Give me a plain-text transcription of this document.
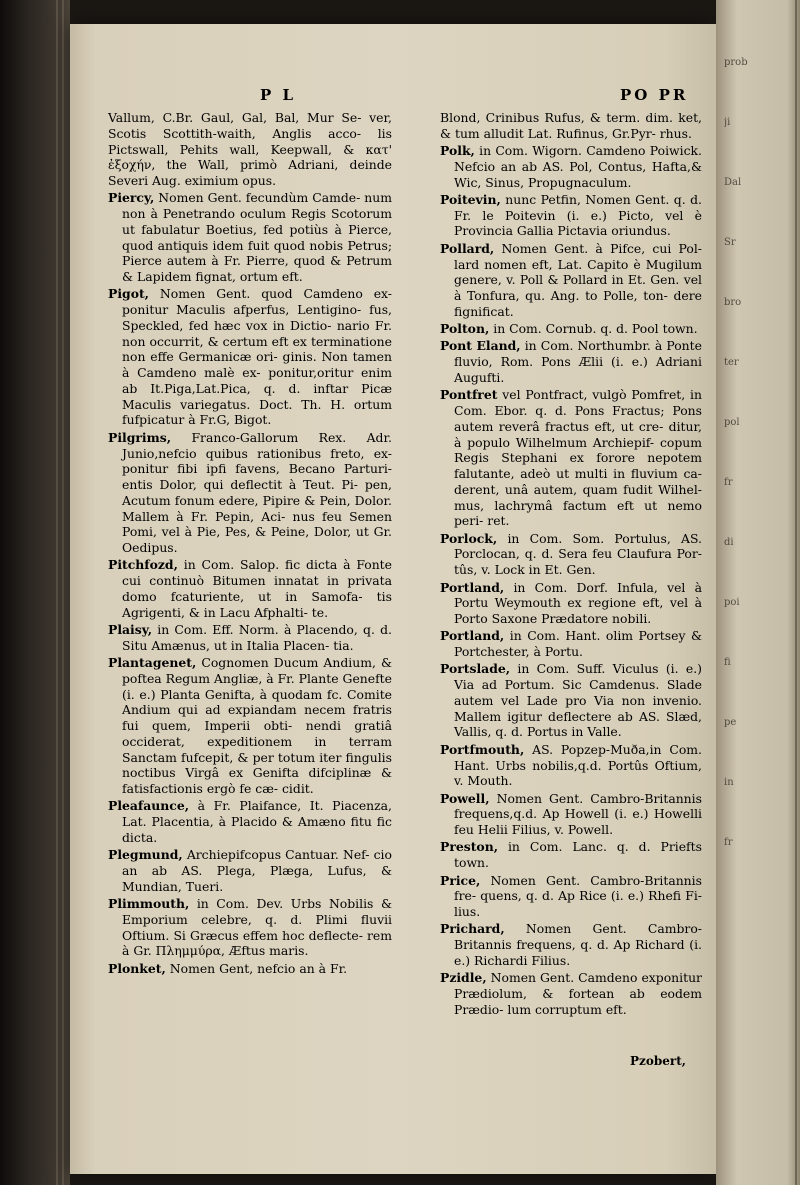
P L	PO PR

Vallum, C.Br. Gaul, Gal, Bal, Mur Se- ver, Scotis Scottith-waith, Anglis acco- lis Pictswall, Pehits wall, Keepwall, & κατ' ἐξοχήν, the Wall, primò Adriani, deinde Severi Aug. eximium opus.

Piercy, Nomen Gent. fecundùm Camde- num non à Penetrando oculum Regis Scotorum ut fabulatur Boetius, fed potiùs à Pierce, quod antiquis idem fuit quod nobis Petrus; Pierce autem à Fr. Pierre, quod & Petrum & Lapidem fignat, ortum eft.

Pigot, Nomen Gent. quod Camdeno ex- ponitur Maculis afperfus, Lentigino- fus, Speckled, fed hæc vox in Dictio- nario Fr. non occurrit, & certum eft ex terminatione non effe Germanicæ ori- ginis. Non tamen à Camdeno malè ex- ponitur,oritur enim ab It.Piga,Lat.Pica, q. d. inftar Picæ Maculis variegatus. Doct. Th. H. ortum fufpicatur à Fr.G, Bigot.

Pilgrims, Franco-Gallorum Rex. Adr. Junio,nefcio quibus rationibus freto, ex- ponitur fibi ipfi favens, Becano Parturi- entis Dolor, qui deflectit à Teut. Pi- pen, Acutum fonum edere, Pipire & Pein, Dolor. Mallem à Fr. Pepin, Aci- nus feu Semen Pomi, vel à Pie, Pes, & Peine, Dolor, ut Gr. Oedipus.

Pitchfozd, in Com. Salop. fic dicta à Fonte cui continuò Bitumen innatat in privata domo fcaturiente, ut in Samofa- tis Agrigenti, & in Lacu Afphalti- te.

Plaisy, in Com. Eff. Norm. à Placendo, q. d. Situ Amænus, ut in Italia Placen- tia.

Plantagenet, Cognomen Ducum Andium, & poftea Regum Angliæ, à Fr. Plante Genefte (i. e.) Planta Genifta, à quodam fc. Comite Andium qui ad expiandam necem fratris fui quem, Imperii obti- nendi gratiâ occiderat, expeditionem in terram Sanctam fufcepit, & per totum iter fingulis noctibus Virgâ ex Genifta difciplinæ & fatisfactionis ergò fe cæ- cidit.

Pleafaunce, à Fr. Plaifance, It. Piacenza, Lat. Placentia, à Placido & Amæno fitu fic dicta.

Plegmund, Archiepifcopus Cantuar. Nef- cio an ab AS. Plega, Plæga, Lufus, & Mundian, Tueri.

Plimmouth, in Com. Dev. Urbs Nobilis & Emporium celebre, q. d. Plimi fluvii Oftium. Si Græcus effem hoc deflecte- rem à Gr. Πλημμύρα, Æftus maris.

Plonket, Nomen Gent, nefcio an à Fr.

Blond, Crinibus Rufus, & term. dim. ket, & tum alludit Lat. Rufinus, Gr.Pyr- rhus.

Polk, in Com. Wigorn. Camdeno Poiwick. Nefcio an ab AS. Pol, Contus, Hafta,& Wic, Sinus, Propugnaculum.

Poitevin, nunc Petfin, Nomen Gent. q. d. Fr. le Poitevin (i. e.) Picto, vel è Provincia Gallia Pictavia oriundus.

Pollard, Nomen Gent. à Pifce, cui Pol- lard nomen eft, Lat. Capito è Mugilum genere, v. Poll & Pollard in Et. Gen. vel à Tonfura, qu. Ang. to Polle, ton- dere fignificat.

Polton, in Com. Cornub. q. d. Pool town.

Pont Eland, in Com. Northumbr. à Ponte fluvio, Rom. Pons Ælii (i. e.) Adriani Augufti.

Pontfret vel Pontfract, vulgò Pomfret, in Com. Ebor. q. d. Pons Fractus; Pons autem reverâ fractus eft, ut cre- ditur, à populo Wilhelmum Archiepif- copum Regis Stephani ex forore nepotem falutante, adeò ut multi in fluvium ca- derent, unâ autem, quam fudit Wilhel- mus, lachrymâ factum eft ut nemo peri- ret.

Porlock, in Com. Som. Portulus, AS. Porclocan, q. d. Sera feu Claufura Por- tûs, v. Lock in Et. Gen.

Portland, in Com. Dorf. Infula, vel à Portu Weymouth ex regione eft, vel à Porto Saxone Prædatore nobili.

Portland, in Com. Hant. olim Portsey & Portchester, à Portu.

Portslade, in Com. Suff. Viculus (i. e.) Via ad Portum. Sic Camdenus. Slade autem vel Lade pro Via non invenio. Mallem igitur deflectere ab AS. Slæd, Vallis, q. d. Portus in Valle.

Portfmouth, AS. Popzep-Muða,in Com. Hant. Urbs nobilis,q.d. Portûs Oftium, v. Mouth.

Powell, Nomen Gent. Cambro-Britannis frequens,q.d. Ap Howell (i. e.) Howelli feu Helii Filius, v. Powell.

Preston, in Com. Lanc. q. d. Priefts town.

Price, Nomen Gent. Cambro-Britannis fre- quens, q. d. Ap Rice (i. e.) Rhefi Fi- lius.

Prichard, Nomen Gent. Cambro-Britannis frequens, q. d. Ap Richard (i. e.) Richardi Filius.

Pzidle, Nomen Gent. Camdeno exponitur Prædiolum, & fortean ab eodem Prædio- lum corruptum eft.

Pzobert,
prob
ji
Dal
Sr
bro
ter
pol
fr
di
poi
fi
pe
in
fr
